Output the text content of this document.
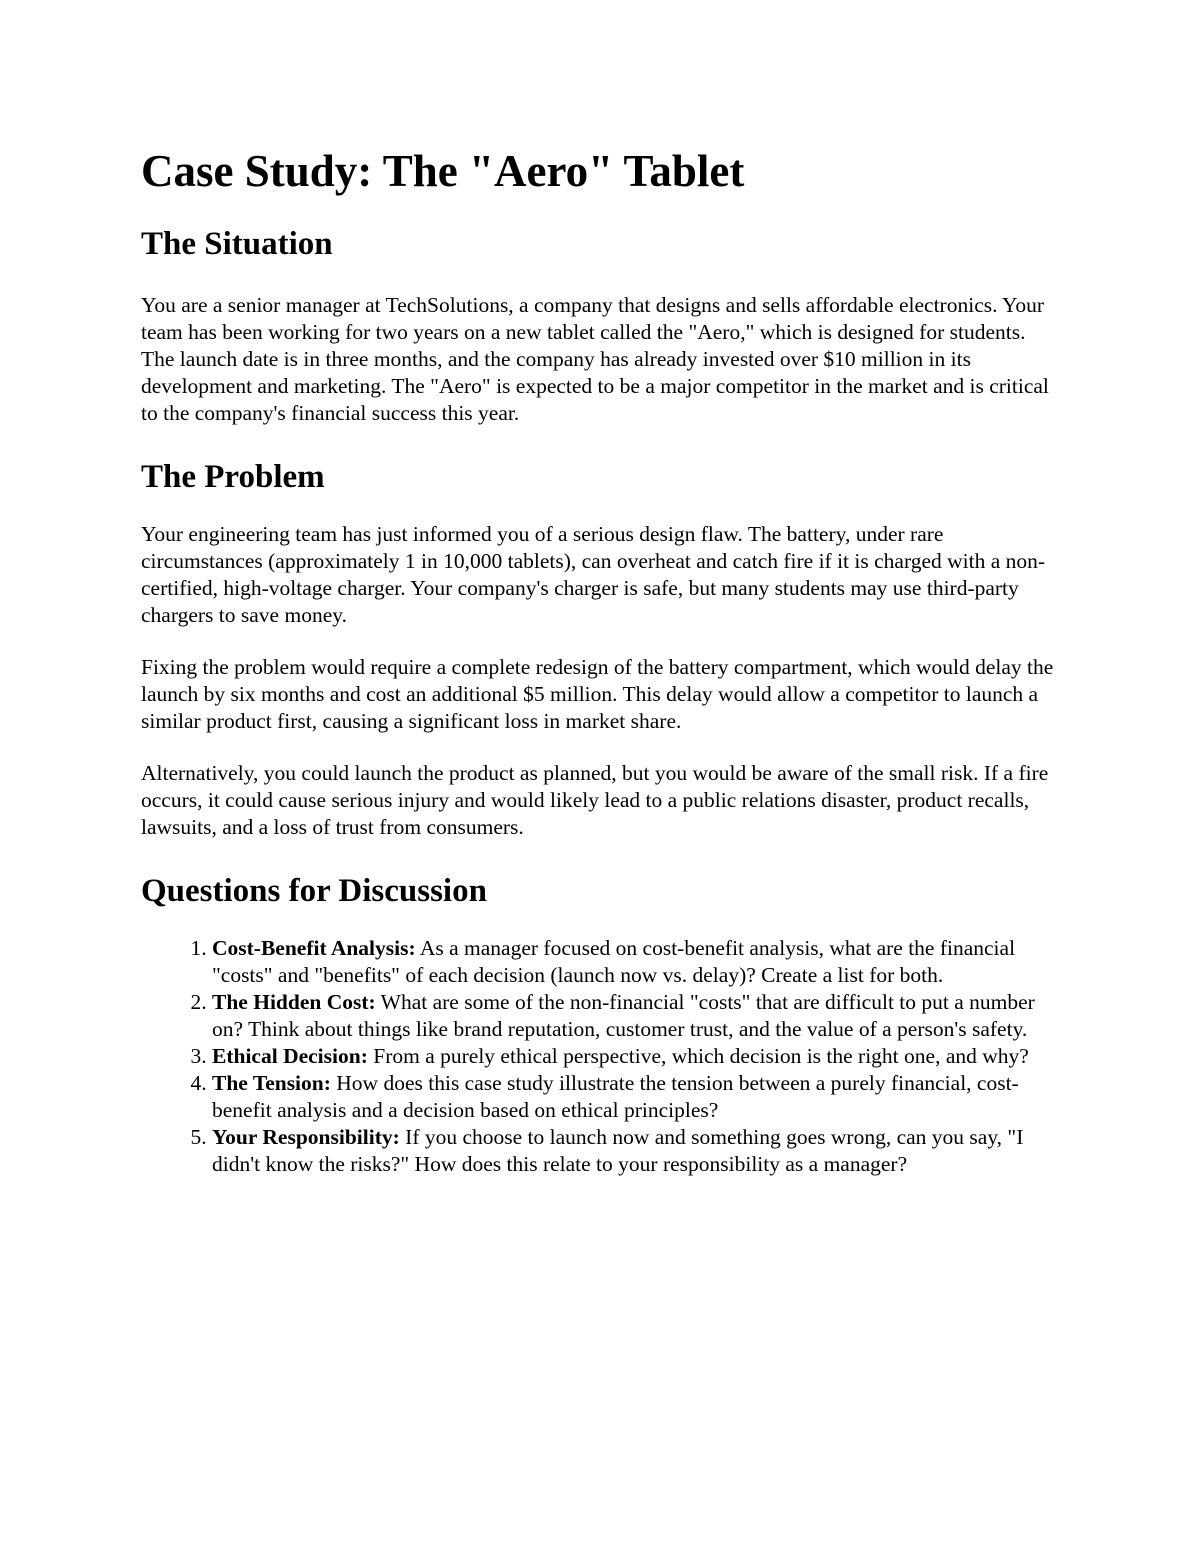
Case Study: The "Aero" Tablet
The Situation

You are a senior manager at TechSolutions, a company that designs and sells affordable electronics. Your team has been working for two years on a new tablet called the "Aero," which is designed for students. The launch date is in three months, and the company has already invested over $10 million in its development and marketing. The "Aero" is expected to be a major competitor in the market and is critical to the company's financial success this year.

The Problem

Your engineering team has just informed you of a serious design flaw. The battery, under rare circumstances (approximately 1 in 10,000 tablets), can overheat and catch fire if it is charged with a non-certified, high-voltage charger. Your company's charger is safe, but many students may use third-party chargers to save money.

Fixing the problem would require a complete redesign of the battery compartment, which would delay the launch by six months and cost an additional $5 million. This delay would allow a competitor to launch a similar product first, causing a significant loss in market share.

Alternatively, you could launch the product as planned, but you would be aware of the small risk. If a fire occurs, it could cause serious injury and would likely lead to a public relations disaster, product recalls, lawsuits, and a loss of trust from consumers.

Questions for Discussion
1. Cost-Benefit Analysis: As a manager focused on cost-benefit analysis, what are the financial "costs" and "benefits" of each decision (launch now vs. delay)? Create a list for both.
2. The Hidden Cost: What are some of the non-financial "costs" that are difficult to put a number on? Think about things like brand reputation, customer trust, and the value of a person's safety.
3. Ethical Decision: From a purely ethical perspective, which decision is the right one, and why?
4. The Tension: How does this case study illustrate the tension between a purely financial, cost-benefit analysis and a decision based on ethical principles?
5. Your Responsibility: If you choose to launch now and something goes wrong, can you say, "I didn't know the risks?" How does this relate to your responsibility as a manager?
